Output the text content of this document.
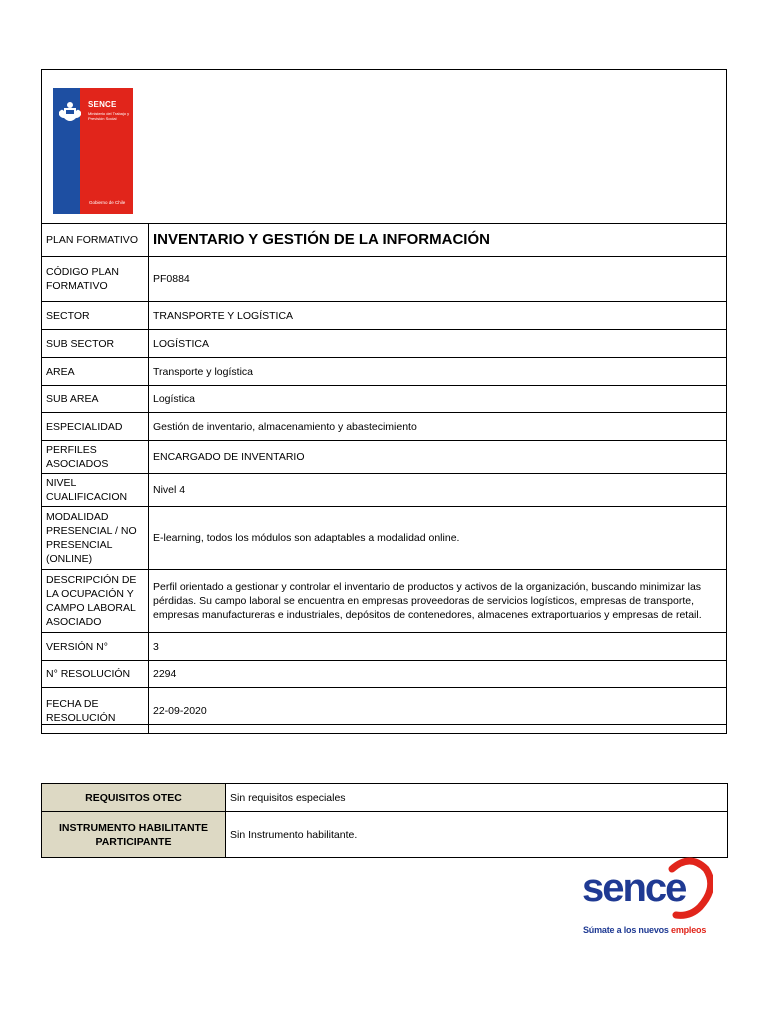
SENCE
Ministerio del Trabajo y Previsión Social
Gobierno de Chile
PLAN FORMATIVO	INVENTARIO Y GESTIÓN DE LA INFORMACIÓN
CÓDIGO PLAN FORMATIVO	PF0884
SECTOR	TRANSPORTE Y LOGÍSTICA
SUB SECTOR	LOGÍSTICA
AREA	Transporte y logística
SUB AREA	Logística
ESPECIALIDAD	Gestión de inventario, almacenamiento y abastecimiento
PERFILES ASOCIADOS	ENCARGADO DE INVENTARIO
NIVEL CUALIFICACION	Nivel 4
MODALIDAD PRESENCIAL / NO PRESENCIAL (ONLINE)	E-learning, todos los módulos son adaptables a modalidad online.
DESCRIPCIÓN DE LA OCUPACIÓN Y CAMPO LABORAL ASOCIADO	Perfil orientado a gestionar y controlar el inventario de productos y activos de la organización, buscando minimizar las pérdidas. Su campo laboral se encuentra en empresas proveedoras de servicios logísticos, empresas de transporte, empresas manufactureras e industriales, depósitos de contenedores, almacenes extraportuarios y empresas de retail.
VERSIÓN N°	3
N° RESOLUCIÓN	2294
FECHA DE RESOLUCIÓN	22-09-2020
REQUISITOS OTEC	Sin requisitos especiales
INSTRUMENTO HABILITANTE PARTICIPANTE	Sin Instrumento habilitante.
sence
Súmate a los nuevos empleos
